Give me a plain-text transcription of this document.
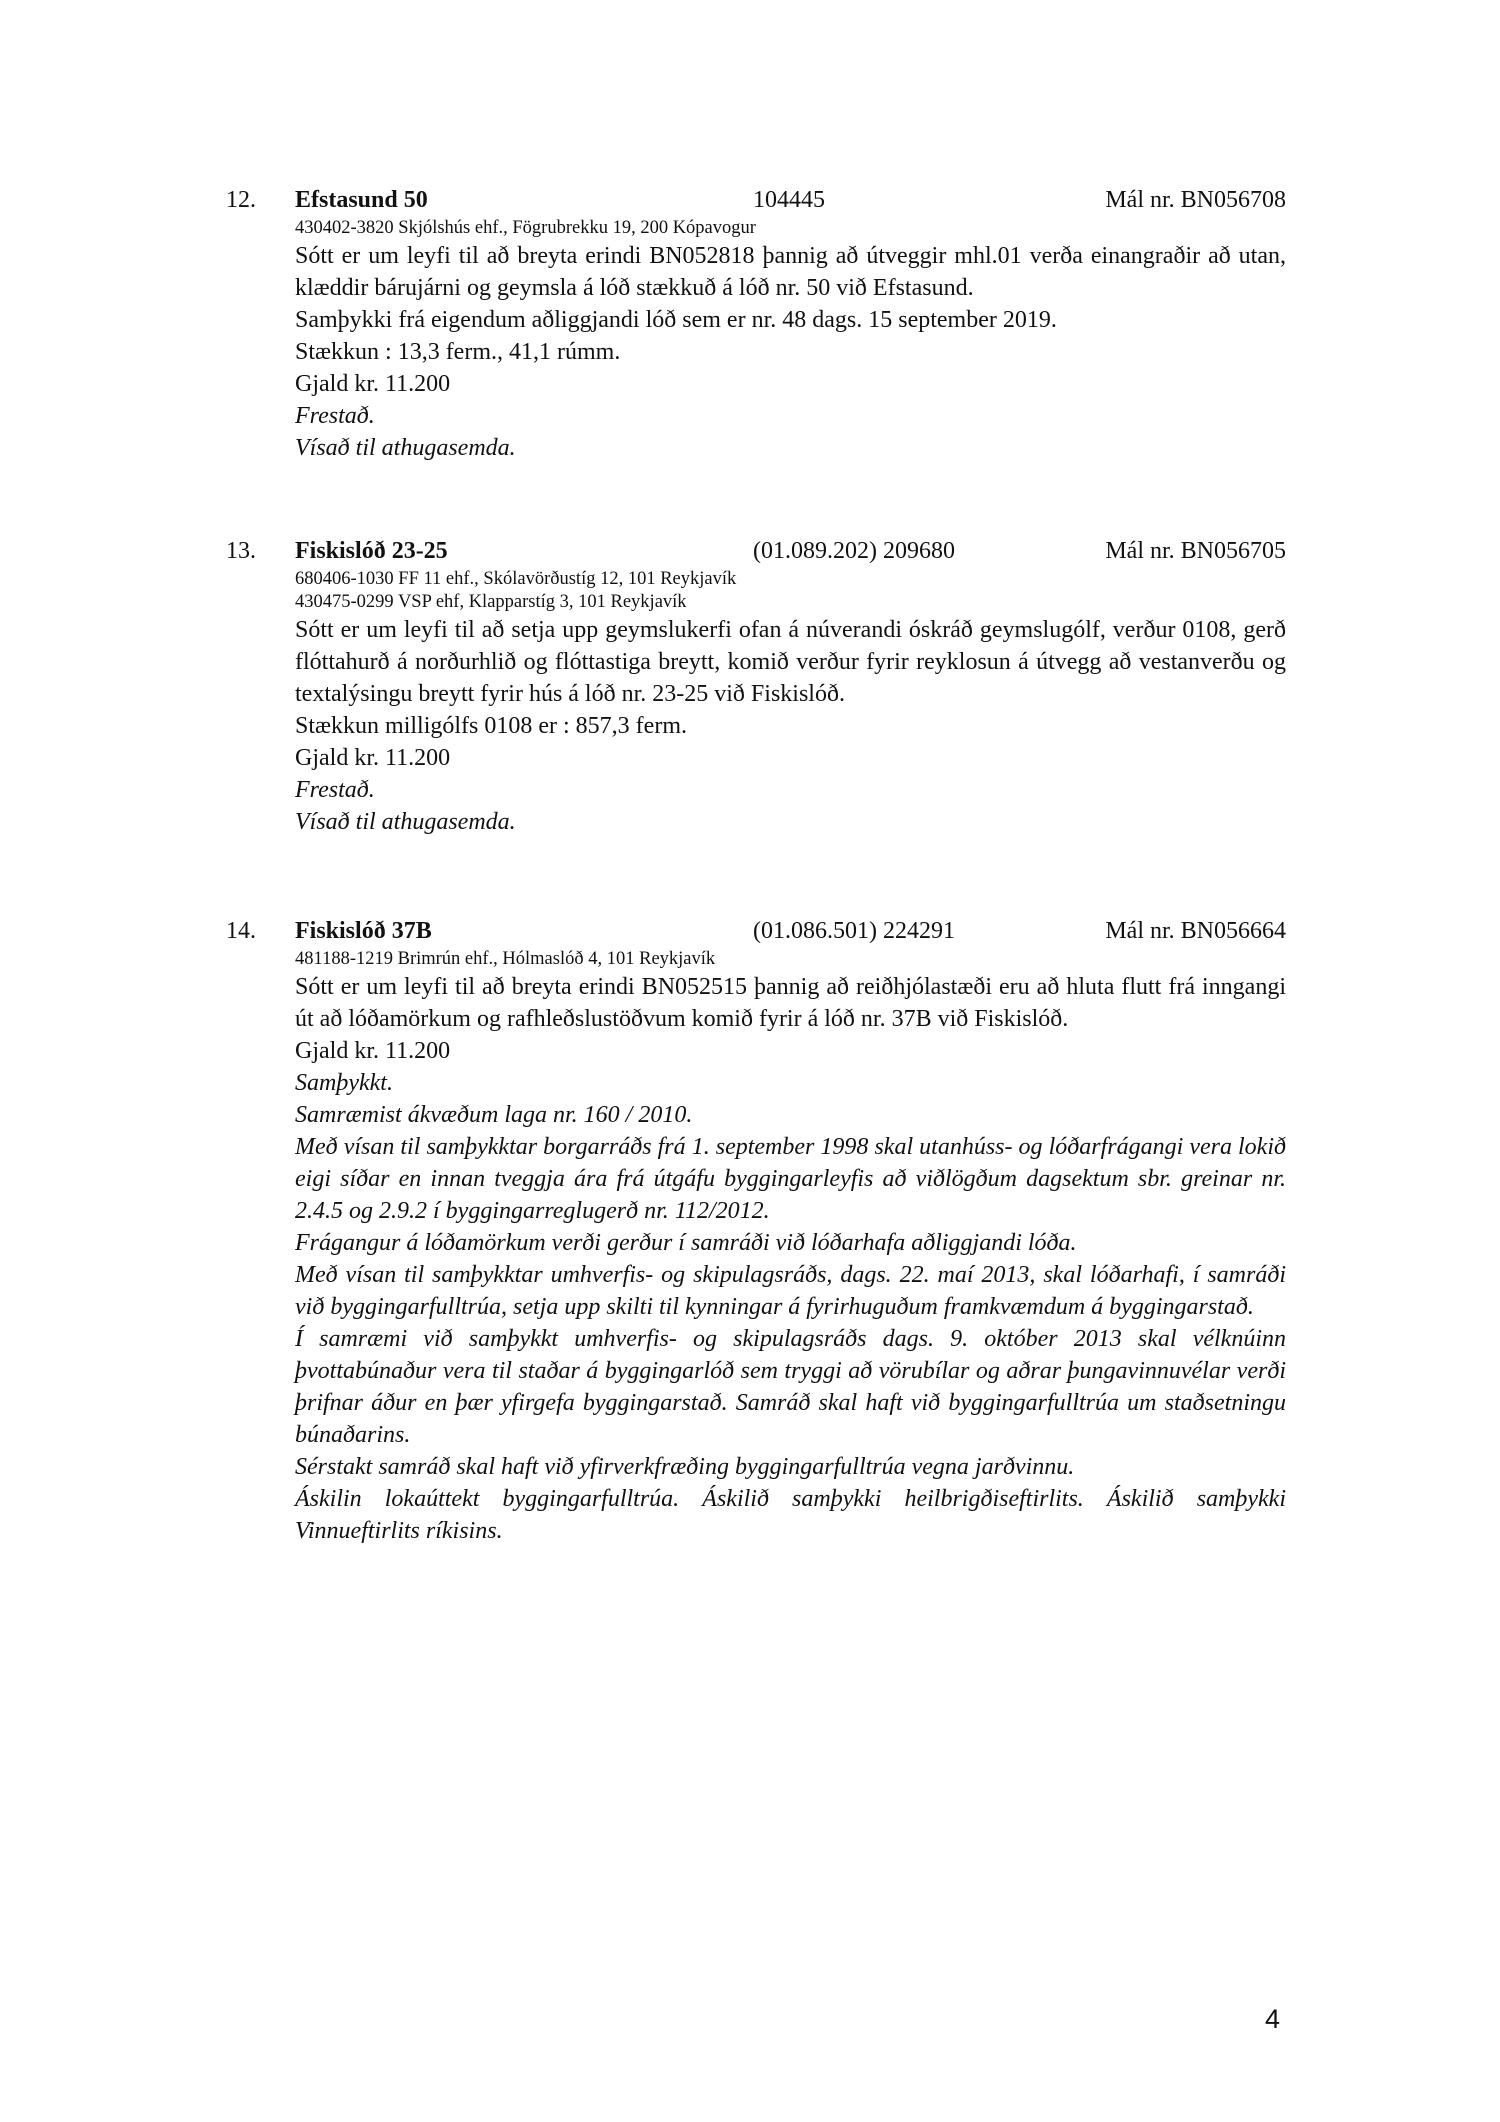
12. Efstasund 50	104445	Mál nr. BN056708
430402-3820 Skjólshús ehf., Fögrubrekku 19, 200 Kópavogur
Sótt er um leyfi til að breyta erindi BN052818 þannig að útveggir mhl.01 verða einangraðir að utan, klæddir bárujárni og geymsla á lóð stækkuð á lóð nr. 50 við Efstasund.
Samþykki frá eigendum aðliggjandi lóð sem er nr. 48 dags. 15 september 2019.
Stækkun : 13,3 ferm., 41,1 rúmm.
Gjald kr. 11.200
Frestað.
Vísað til athugasemda.
13. Fiskislóð 23-25	(01.089.202) 209680	Mál nr. BN056705
680406-1030 FF 11 ehf., Skólavörðustíg 12, 101 Reykjavík
430475-0299 VSP ehf, Klapparstíg 3, 101 Reykjavík
Sótt er um leyfi til að setja upp geymslukerfi ofan á núverandi óskráð geymslugólf, verður 0108, gerð flóttahurð á norðurhlið og flóttastiga breytt, komið verður fyrir reyklosun á útvegg að vestanverðu og textalýsingu breytt fyrir hús á lóð nr. 23-25 við Fiskislóð.
Stækkun milligólfs 0108 er : 857,3 ferm.
Gjald kr. 11.200
Frestað.
Vísað til athugasemda.
14. Fiskislóð 37B	(01.086.501) 224291	Mál nr. BN056664
481188-1219 Brimrún ehf., Hólmaslóð 4, 101 Reykjavík
Sótt er um leyfi til að breyta erindi BN052515 þannig að reiðhjólastæði eru að hluta flutt frá inngangi út að lóðamörkum og rafhleðslustöðvum komið fyrir á lóð nr. 37B við Fiskislóð.
Gjald kr. 11.200
Samþykkt.
Samræmist ákvæðum laga nr. 160 / 2010.
Með vísan til samþykktar borgarráðs frá 1. september 1998 skal utanhúss- og lóðarfrágangi vera lokið eigi síðar en innan tveggja ára frá útgáfu byggingarleyfis að viðlögðum dagsektum sbr. greinar nr. 2.4.5 og 2.9.2 í byggingarreglugerð nr. 112/2012.
Frágangur á lóðamörkum verði gerður í samráði við lóðarhafa aðliggjandi lóða.
Með vísan til samþykktar umhverfis- og skipulagsráðs, dags. 22. maí 2013, skal lóðarhafi, í samráði við byggingarfulltrúa, setja upp skilti til kynningar á fyrirhuguðum framkvæmdum á byggingarstað.
Í samræmi við samþykkt umhverfis- og skipulagsráðs dags. 9. október 2013 skal vélknúinn þvottabúnaður vera til staðar á byggingarlóð sem tryggi að vörubílar og aðrar þungavinnuvélar verði þrifnar áður en þær yfirgefa byggingarstað. Samráð skal haft við byggingarfulltrúa um staðsetningu búnaðarins.
Sérstakt samráð skal haft við yfirverkfræðing byggingarfulltrúa vegna jarðvinnu.
Áskilin lokaúttekt byggingarfulltrúa. Áskilið samþykki heilbrigðiseftirlits. Áskilið samþykki Vinnueftirlits ríkisins.
4
